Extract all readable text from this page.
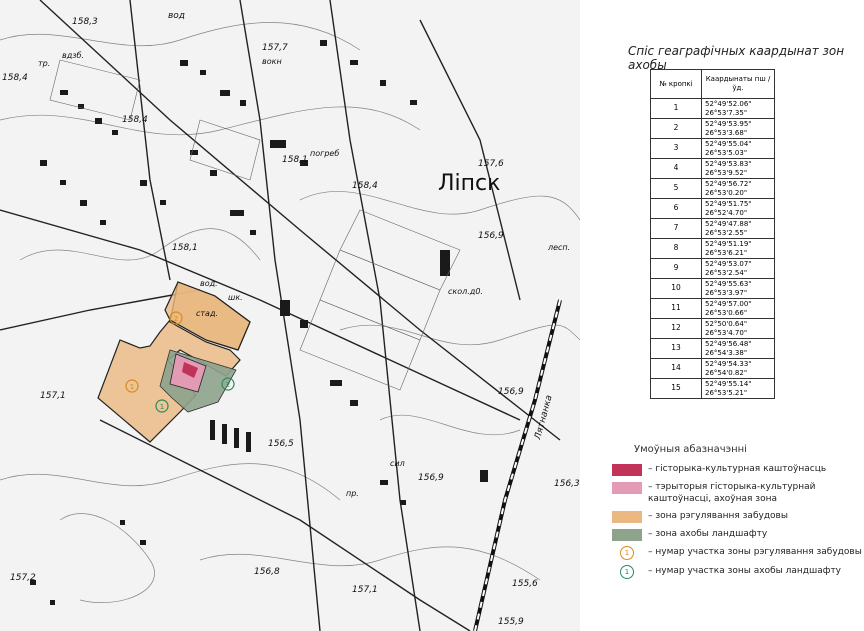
2
1
1
2
Ліпск
158,3
158,4
158,4
158,4
158,1
158,1
157,7
157,6
157,1
156,9
156,9
156,9
156,8
156,5
157,2
157,1
155,6
155,9
156,3
вод
вдзб.
тр.
погреб
вокн
лесп.
скол.д0.
стад.
шк.
сил
пр.
вод.
Лятнанка
Спіс геаграфічных каардынат зон ахобы
№ кропкі	Каардынаты пш / ўд.
1	52°49'52.06"
26°53'7.35"

2	52°49'53.95"
26°53'3.68"

3	52°49'55.04"
26°53'5.03"

4	52°49'53.83"
26°53'9.52"

5	52°49'56.72"
26°53'0.20"

6	52°49'51.75"
26°52'4.70"

7	52°49'47.88"
26°53'2.55"

8	52°49'51.19"
26°53'6.21"

9	52°49'53.07"
26°53'2.54"

10	52°49'55.63"
26°53'3.97"

11	52°49'57.00"
26°53'0.66"

12	52°50'0.64"
26°53'4.70"

13	52°49'56.48"
26°54'3.38"

14	52°49'54.33"
26°54'0.82"

15	52°49'55.14"
26°53'5.21"
Умоўныя абазначэнні
– гісторыка-культурная каштоўнасць
– тэрыторыя гісторыка-культурнай каштоўнасці, ахоўная зона
– зона рэгулявання забудовы
– зона ахобы ландшафту
1	– нумар участка зоны рэгулявання забудовы
1	– нумар участка зоны ахобы ландшафту
